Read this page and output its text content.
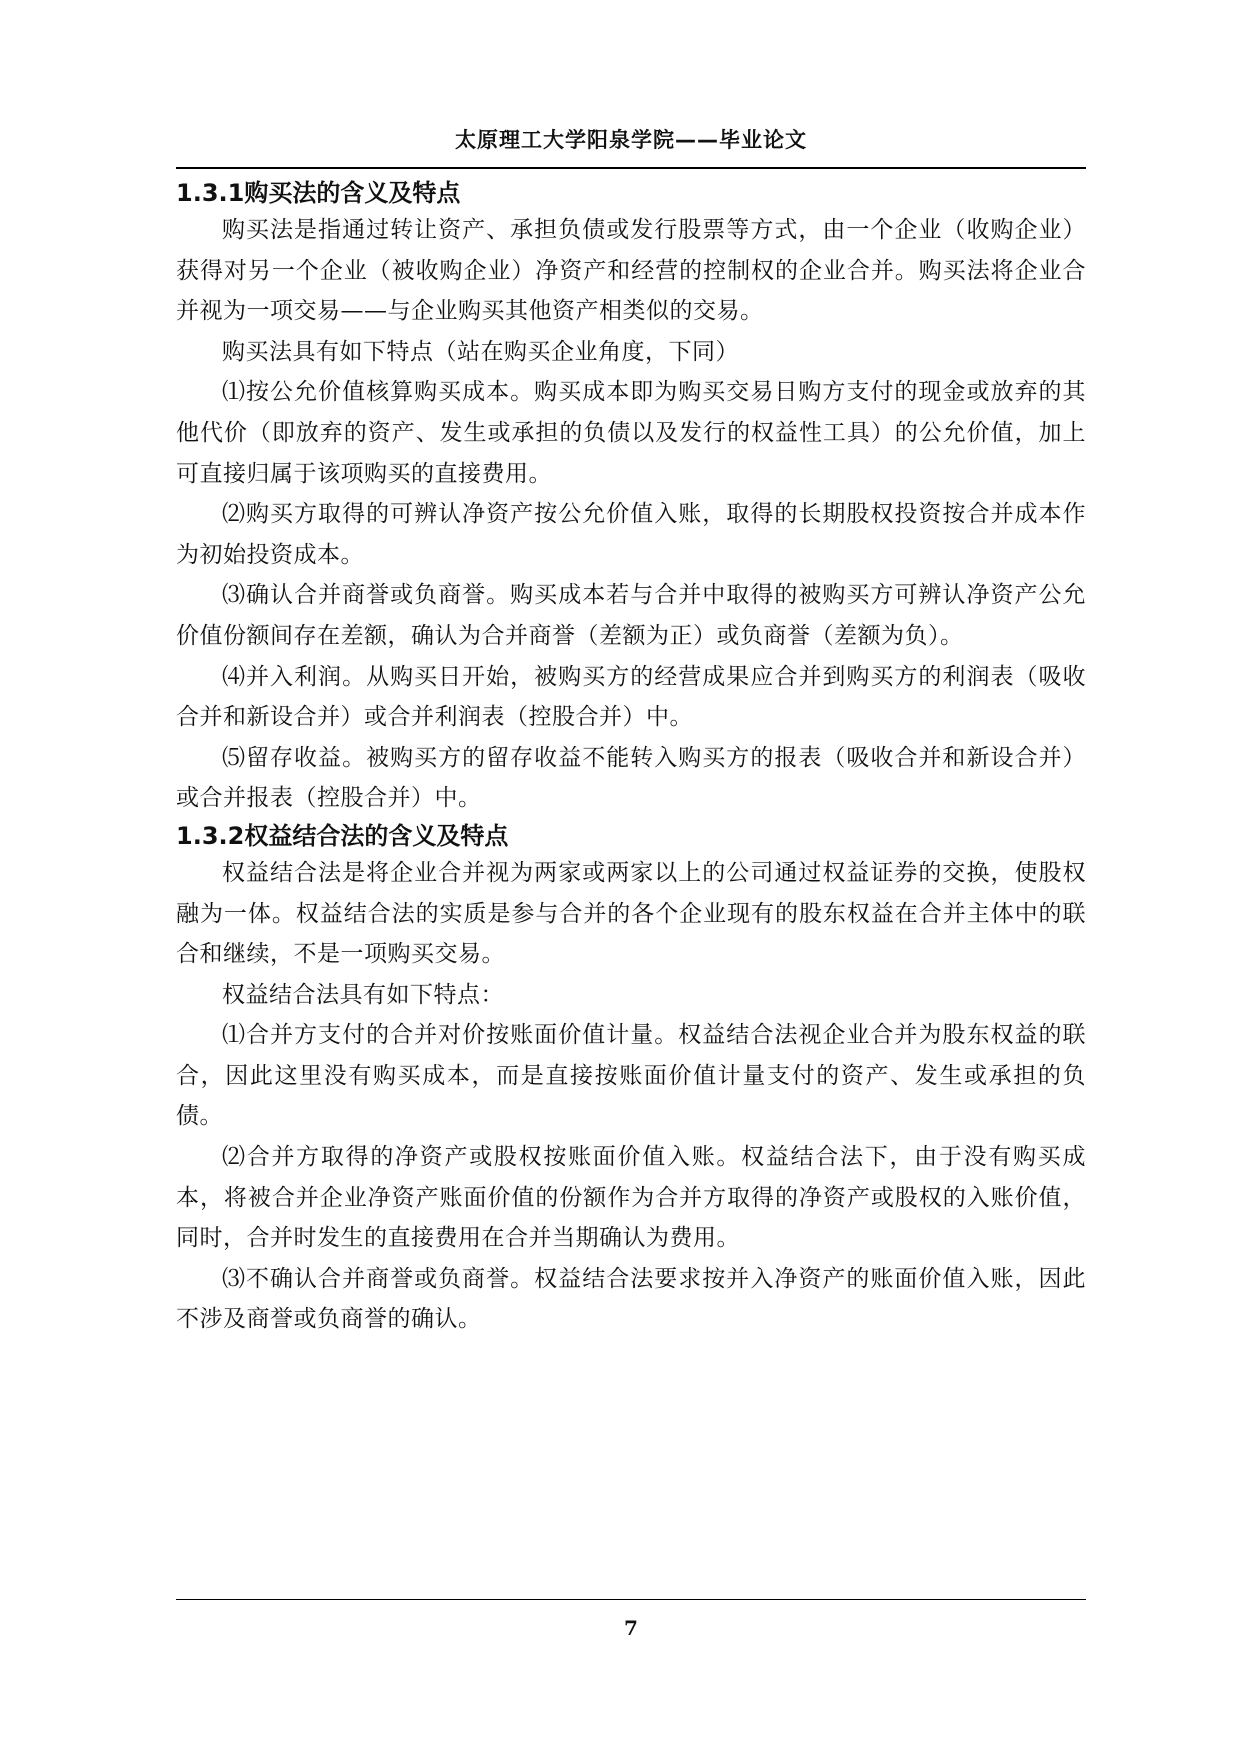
太原理工大学阳泉学院——毕业论文
1.3.1购买法的含义及特点

购买法是指通过转让资产、承担负债或发行股票等方式，由一个企业（收购企业）获得对另一个企业（被收购企业）净资产和经营的控制权的企业合并。购买法将企业合并视为一项交易——与企业购买其他资产相类似的交易。

购买法具有如下特点（站在购买企业角度，下同）

⑴按公允价值核算购买成本。购买成本即为购买交易日购方支付的现金或放弃的其他代价（即放弃的资产、发生或承担的负债以及发行的权益性工具）的公允价值，加上可直接归属于该项购买的直接费用。

⑵购买方取得的可辨认净资产按公允价值入账，取得的长期股权投资按合并成本作为初始投资成本。

⑶确认合并商誉或负商誉。购买成本若与合并中取得的被购买方可辨认净资产公允价值份额间存在差额，确认为合并商誉（差额为正）或负商誉（差额为负）。

⑷并入利润。从购买日开始，被购买方的经营成果应合并到购买方的利润表（吸收合并和新设合并）或合并利润表（控股合并）中。

⑸留存收益。被购买方的留存收益不能转入购买方的报表（吸收合并和新设合并）或合并报表（控股合并）中。

1.3.2权益结合法的含义及特点

权益结合法是将企业合并视为两家或两家以上的公司通过权益证券的交换，使股权融为一体。权益结合法的实质是参与合并的各个企业现有的股东权益在合并主体中的联合和继续，不是一项购买交易。

权益结合法具有如下特点：

⑴合并方支付的合并对价按账面价值计量。权益结合法视企业合并为股东权益的联合，因此这里没有购买成本，而是直接按账面价值计量支付的资产、发生或承担的负债。

⑵合并方取得的净资产或股权按账面价值入账。权益结合法下，由于没有购买成本，将被合并企业净资产账面价值的份额作为合并方取得的净资产或股权的入账价值，同时，合并时发生的直接费用在合并当期确认为费用。

⑶不确认合并商誉或负商誉。权益结合法要求按并入净资产的账面价值入账，因此不涉及商誉或负商誉的确认。

7
